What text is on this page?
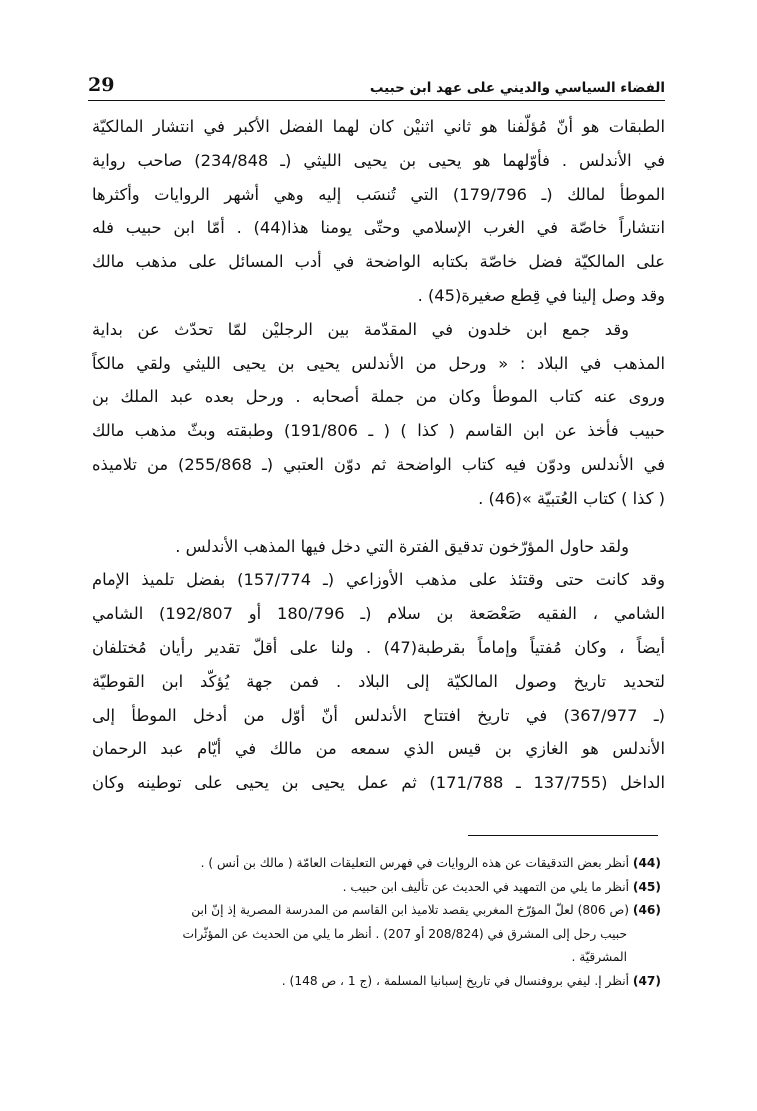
29	الفضاء السياسي والديني على عهد ابن حبيب
الطبقات هو أنّ مُؤلّفنا هو ثاني اثنيْن كان لهما الفضل الأكبر في انتشار المالكيّة
في الأندلس . فأوّلهما هو يحيى بن يحيى الليثي (ـ 234/848) صاحب رواية
الموطأ لمالك (ـ 179/796) التي تُنسَب إليه وهي أشهر الروايات وأكثرها
انتشاراً خاصّة في الغرب الإسلامي وحتّى يومنا هذا(44) . أمّا ابن حبيب فله
على المالكيّة فضل خاصّة بكتابه الواضحة في أدب المسائل على مذهب مالك
وقد وصل إلينا في قِطع صغيرة(45) .
وقد جمع ابن خلدون في المقدّمة بين الرجليْن لمّا تحدّث عن بداية
المذهب في البلاد : « ورحل من الأندلس يحيى بن يحيى الليثي ولقي مالكاً
وروى عنه كتاب الموطأ وكان من جملة أصحابه . ورحل بعده عبد الملك بن
حبيب فأخذ عن ابن القاسم ( كذا ) ( ـ 191/806) وطبقته وبثّ مذهب مالك
في الأندلس ودوّن فيه كتاب الواضحة ثم دوّن العتبي (ـ 255/868) من تلاميذه
( كذا ) كتاب العُتبيّة »(46) .
ولقد حاول المؤرّخون تدقيق الفترة التي دخل فيها المذهب الأندلس .
وقد كانت حتى وقتئذ على مذهب الأوزاعي (ـ 157/774) بفضل تلميذ الإمام
الشامي ، الفقيه صَعْصَعة بن سلام (ـ 180/796 أو 192/807) الشامي
أيضاً ، وكان مُفتياً وإماماً بقرطبة(47) . ولنا على أقلّ تقدير رأيان مُختلفان
لتحديد تاريخ وصول المالكيّة إلى البلاد . فمن جهة يُؤكّد ابن القوطيّة
(ـ 367/977) في تاريخ افتتاح الأندلس أنّ أوّل من أدخل الموطأ إلى
الأندلس هو الغازي بن قيس الذي سمعه من مالك في أيّام عبد الرحمان
الداخل (137/755 ـ 171/788) ثم عمل يحيى بن يحيى على توطينه وكان
(44) أنظر بعض التدقيقات عن هذه الروايات في فهرس التعليقات العامّة ( مالك بن أنس ) .
(45) أنظر ما يلي من التمهيد في الحديث عن تأليف ابن حبيب .
(46) (ص 806) لعلّ المؤرّخ المغربي يقصد تلاميذ ابن القاسم من المدرسة المصرية إذ إنّ ابن
حبيب رحل إلى المشرق في (208/824 أو 207) . أنظر ما يلي من الحديث عن المؤثّرات
المشرقيّة .
(47) أنظر إ. ليفي بروفنسال في تاريخ إسبانيا المسلمة ، (ج 1 ، ص 148) .
